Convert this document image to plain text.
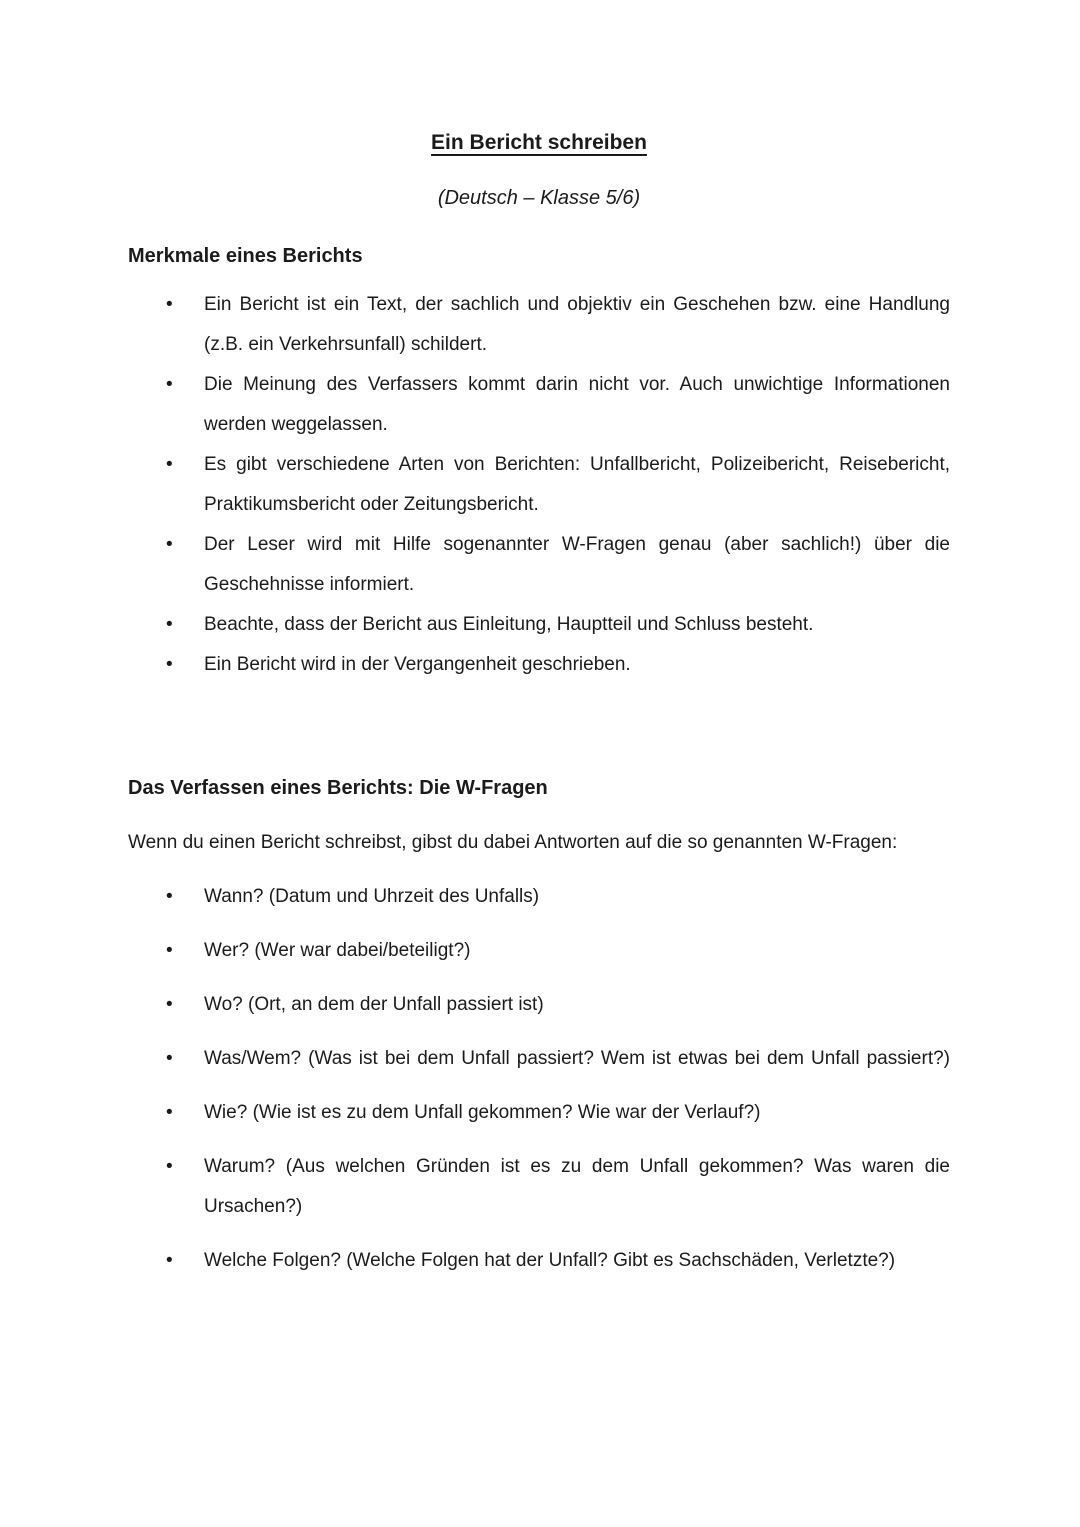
Ein Bericht schreiben
(Deutsch – Klasse 5/6)
Merkmale eines Berichts
•	Ein Bericht ist ein Text, der sachlich und objektiv ein Geschehen bzw. eine Handlung
(z.B. ein Verkehrsunfall) schildert.
•	Die Meinung des Verfassers kommt darin nicht vor. Auch unwichtige Informationen
werden weggelassen.
•	Es gibt verschiedene Arten von Berichten: Unfallbericht, Polizeibericht, Reisebericht,
Praktikumsbericht oder Zeitungsbericht.
•	Der Leser wird mit Hilfe sogenannter W-Fragen genau (aber sachlich!) über die
Geschehnisse informiert.
•	Beachte, dass der Bericht aus Einleitung, Hauptteil und Schluss besteht.
•	Ein Bericht wird in der Vergangenheit geschrieben.
Das Verfassen eines Berichts: Die W-Fragen
Wenn du einen Bericht schreibst, gibst du dabei Antworten auf die so genannten W-Fragen:
•	Wann? (Datum und Uhrzeit des Unfalls)
•	Wer? (Wer war dabei/beteiligt?)
•	Wo? (Ort, an dem der Unfall passiert ist)
•	Was/Wem? (Was ist bei dem Unfall passiert? Wem ist etwas bei dem Unfall passiert?)
•	Wie? (Wie ist es zu dem Unfall gekommen? Wie war der Verlauf?)
•	Warum? (Aus welchen Gründen ist es zu dem Unfall gekommen? Was waren die
Ursachen?)
•	Welche Folgen? (Welche Folgen hat der Unfall? Gibt es Sachschäden, Verletzte?)
